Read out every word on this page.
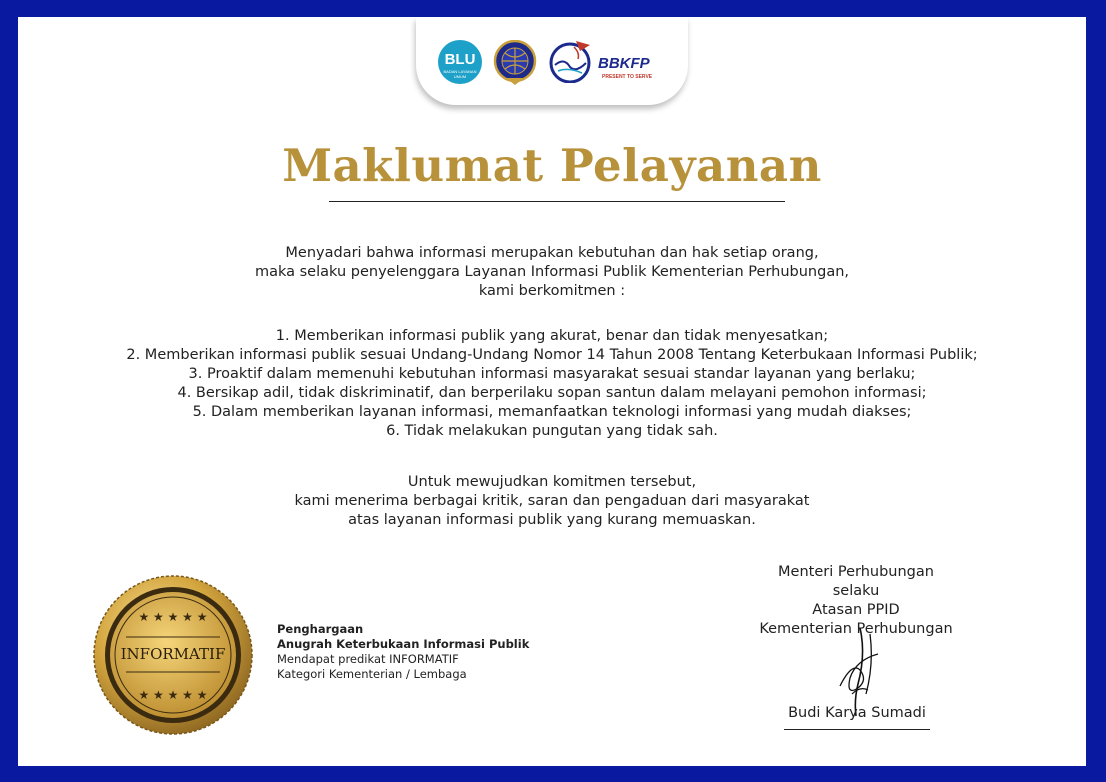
BLU
BADAN LAYANAN UMUM
BBKFP
PRESENT TO SERVE
Maklumat Pelayanan
Menyadari bahwa informasi merupakan kebutuhan dan hak setiap orang,
maka selaku penyelenggara Layanan Informasi Publik Kementerian Perhubungan,
kami berkomitmen :
1. Memberikan informasi publik yang akurat, benar dan tidak menyesatkan;
2. Memberikan informasi publik sesuai Undang-Undang Nomor 14 Tahun 2008 Tentang Keterbukaan Informasi Publik;
3. Proaktif dalam memenuhi kebutuhan informasi masyarakat sesuai standar layanan yang berlaku;
4. Bersikap adil, tidak diskriminatif, dan berperilaku sopan santun dalam melayani pemohon informasi;
5. Dalam memberikan layanan informasi, memanfaatkan teknologi informasi yang mudah diakses;
6. Tidak melakukan pungutan yang tidak sah.
Untuk mewujudkan komitmen tersebut,
kami menerima berbagai kritik, saran dan pengaduan dari masyarakat
atas layanan informasi publik yang kurang memuaskan.
★ ★ ★ ★ ★
★ ★ ★ ★ ★
INFORMATIF
Penghargaan
Anugrah Keterbukaan Informasi Publik
Mendapat predikat INFORMATIF
Kategori Kementerian / Lembaga
Menteri Perhubungan
selaku
Atasan PPID
Kementerian Perhubungan
Budi Karya Sumadi
